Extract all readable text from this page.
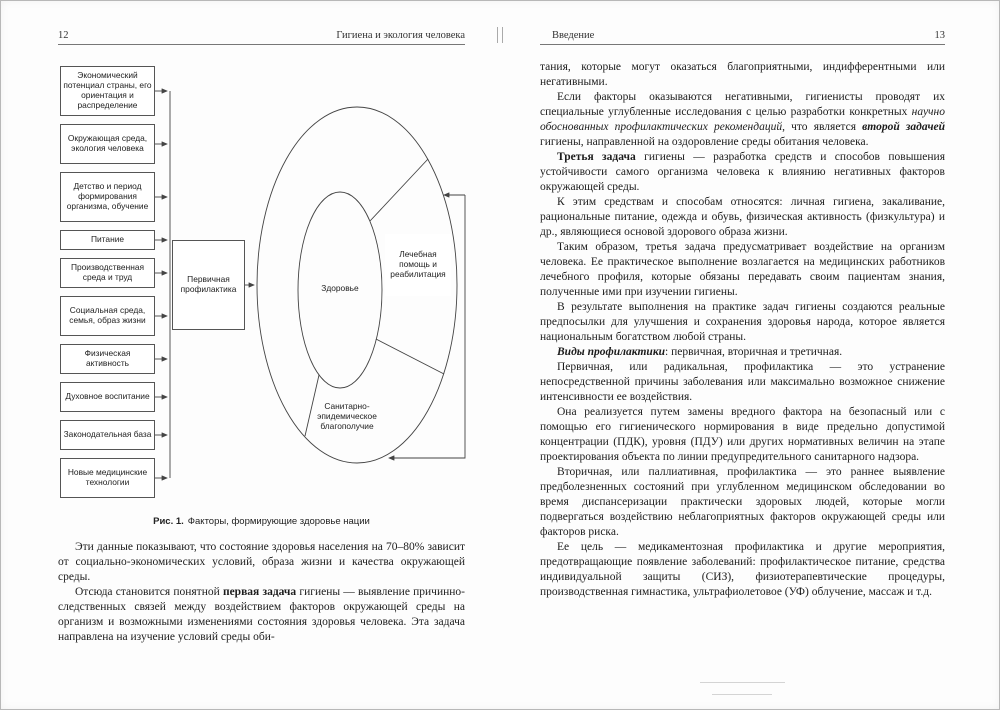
12	Гигиена и экология человека
Экономический потенциал страны, его ориентация и распределение
Окружающая среда, экология человека
Детство и период формирования организма, обучение
Питание
Производственная среда и труд
Социальная среда, семья, образ жизни
Физическая активность
Духовное воспитание
Законодательная база
Новые медицинские технологии
Первичная профилактика	Здоровье
Лечебная помощь и реабилитация
Санитарно-эпидемическое благополучие
Рис. 1. Факторы, формирующие здоровье нации

Эти данные показывают, что состояние здоровья населения на 70–80% зависит от социально-экономических условий, образа жизни и качества окружающей среды.

Отсюда становится понятной первая задача гигиены — выявление причинно-следственных связей между воздействием факторов окружающей среды на организм и возможными изменениями состояния здоровья человека. Эта задача направлена на изучение условий среды оби-

Введение	13

тания, которые могут оказаться благоприятными, индифферентными или негативными.

Если факторы оказываются негативными, гигиенисты проводят их специальные углубленные исследования с целью разработки конкретных научно обоснованных профилактических рекомендаций, что является второй задачей гигиены, направленной на оздоровление среды обитания человека.

Третья задача гигиены — разработка средств и способов повышения устойчивости самого организма человека к влиянию негативных факторов окружающей среды.

К этим средствам и способам относятся: личная гигиена, закаливание, рациональные питание, одежда и обувь, физическая активность (физкультура) и др., являющиеся основой здорового образа жизни.

Таким образом, третья задача предусматривает воздействие на организм человека. Ее практическое выполнение возлагается на медицинских работников лечебного профиля, которые обязаны передавать своим пациентам знания, полученные ими при изучении гигиены.

В результате выполнения на практике задач гигиены создаются реальные предпосылки для улучшения и сохранения здоровья народа, которое является национальным богатством любой страны.

Виды профилактики: первичная, вторичная и третичная.

Первичная, или радикальная, профилактика — это устранение непосредственной причины заболевания или максимально возможное снижение интенсивности ее воздействия.

Она реализуется путем замены вредного фактора на безопасный или с помощью его гигиенического нормирования в виде предельно допустимой концентрации (ПДК), уровня (ПДУ) или других нормативных величин на этапе проектирования объекта по линии предупредительного санитарного надзора.

Вторичная, или паллиативная, профилактика — это раннее выявление предболезненных состояний при углубленном медицинском обследовании во время диспансеризации практически здоровых людей, которые могли подвергаться воздействию неблагоприятных факторов окружающей среды или факторов риска.

Ее цель — медикаментозная профилактика и другие мероприятия, предотвращающие появление заболеваний: профилактическое питание, средства индивидуальной защиты (СИЗ), физиотерапевтические процедуры, производственная гимнастика, ультрафиолетовое (УФ) облучение, массаж и т.д.
